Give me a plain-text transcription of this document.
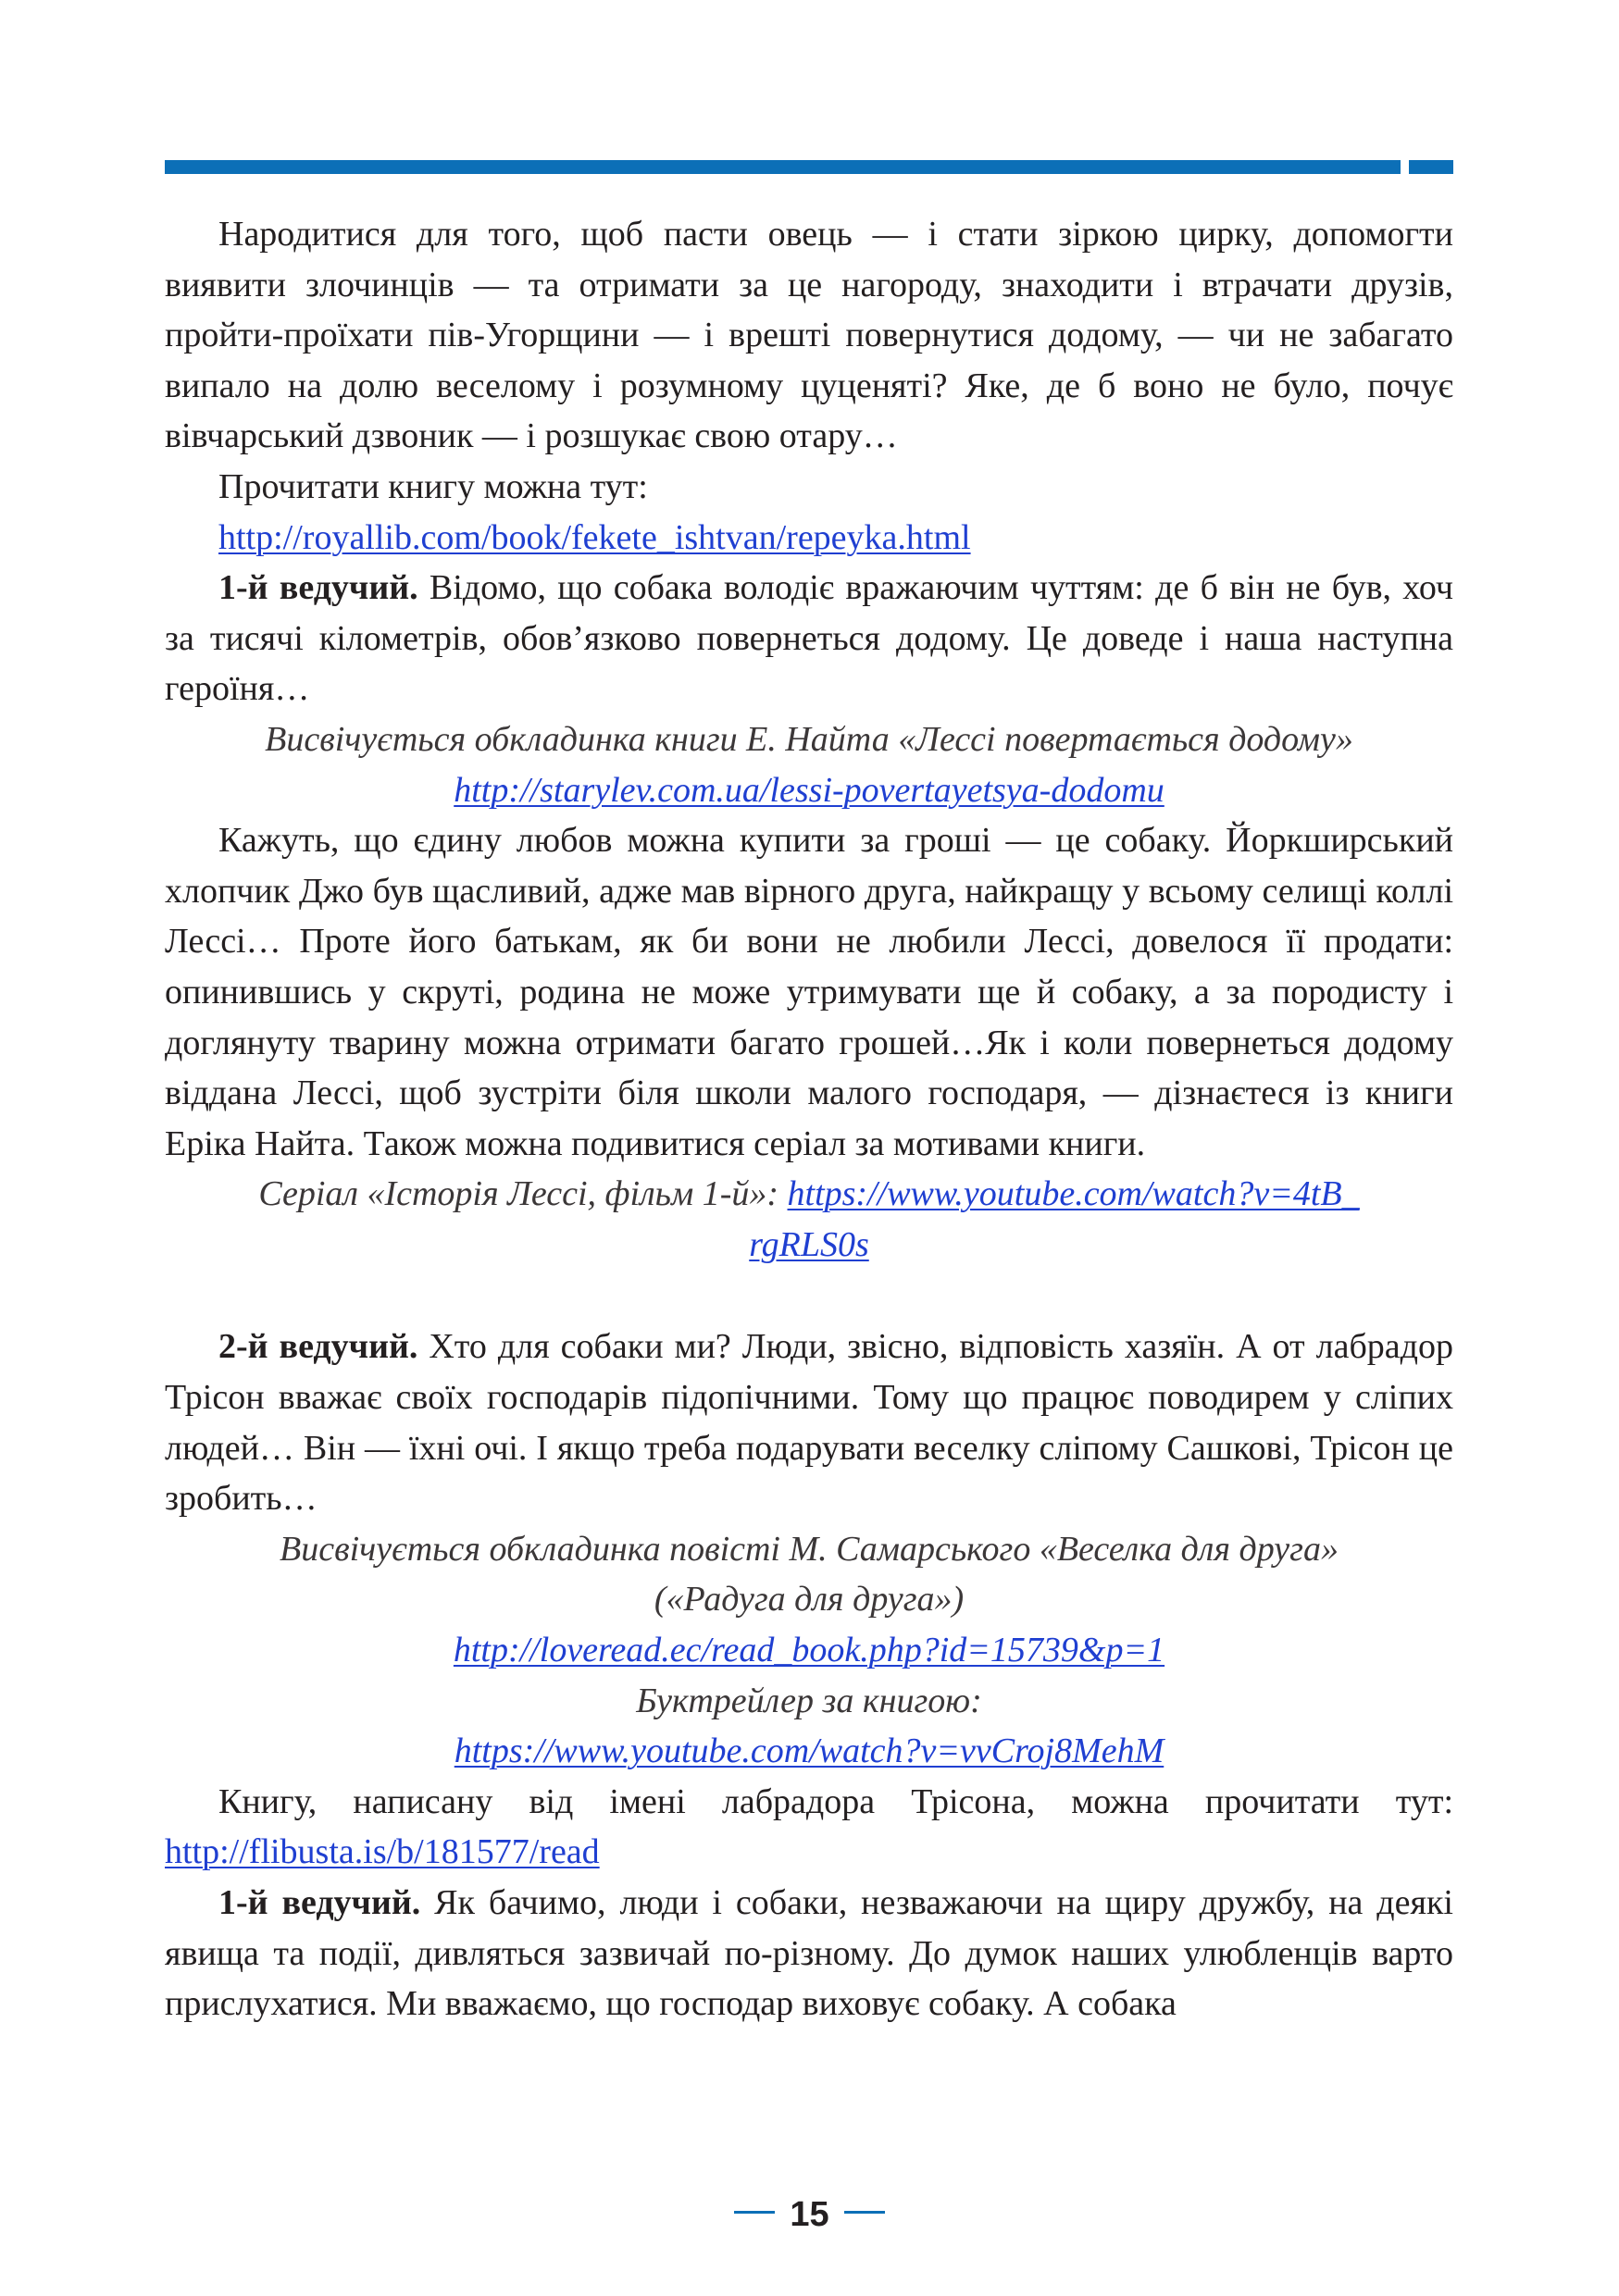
Народитися для того, щоб пасти овець — і стати зіркою цирку, допомогти виявити злочинців — та отримати за це нагороду, знаходити і втрачати друзів, пройти-проїхати пів-Угорщини — і врешті повернутися додому, — чи не забагато випало на долю веселому і розумному цуценяті? Яке, де б воно не було, почує вівчарський дзвоник — і розшукає свою отару…

Прочитати книгу можна тут:

http://royallib.com/book/fekete_ishtvan/repeyka.html

1-й ведучий. Відомо, що собака володіє вражаючим чуттям: де б він не був, хоч за тисячі кілометрів, обов’язково повернеться додому. Це доведе і наша наступна героїня…

Висвічується обкладинка книги Е. Найта «Лессі повертається додому»

http://starylev.com.ua/lessi-povertayetsya-dodomu

Кажуть, що єдину любов можна купити за гроші — це собаку. Йоркширський хлопчик Джо був щасливий, адже мав вірного друга, найкращу у всьому селищі коллі Лессі… Проте його батькам, як би вони не любили Лессі, довелося її продати: опинившись у скруті, родина не може утримувати ще й собаку, а за породисту і доглянуту тварину можна отримати багато грошей…Як і коли повернеться додому віддана Лессі, щоб зустріти біля школи малого господаря, — дізнаєтеся із книги Еріка Найта. Також можна подивитися серіал за мотивами книги.

Серіал «Історія Лессі, фільм 1-й»: https://www.youtube.com/watch?v=4tB_

rgRLS0s

2-й ведучий. Хто для собаки ми? Люди, звісно, відповість хазяїн. А от лабрадор Трісон вважає своїх господарів підопічними. Тому що працює поводирем у сліпих людей… Він — їхні очі. І якщо треба подарувати веселку сліпому Сашкові, Трісон це зробить…

Висвічується обкладинка повісті М. Самарського «Веселка для друга»

(«Радуга для друга»)

http://loveread.ec/read_book.php?id=15739&p=1

Буктрейлер за книгою:

https://www.youtube.com/watch?v=vvCroj8MehM

Книгу, написану від імені лабрадора Трісона, можна прочитати тут: http://flibusta.is/b/181577/read

1-й ведучий. Як бачимо, люди і собаки, незважаючи на щиру дружбу, на деякі явища та події, дивляться зазвичай по-різному. До думок наших улюбленців варто прислухатися. Ми вважаємо, що господар виховує собаку. А собака

15
